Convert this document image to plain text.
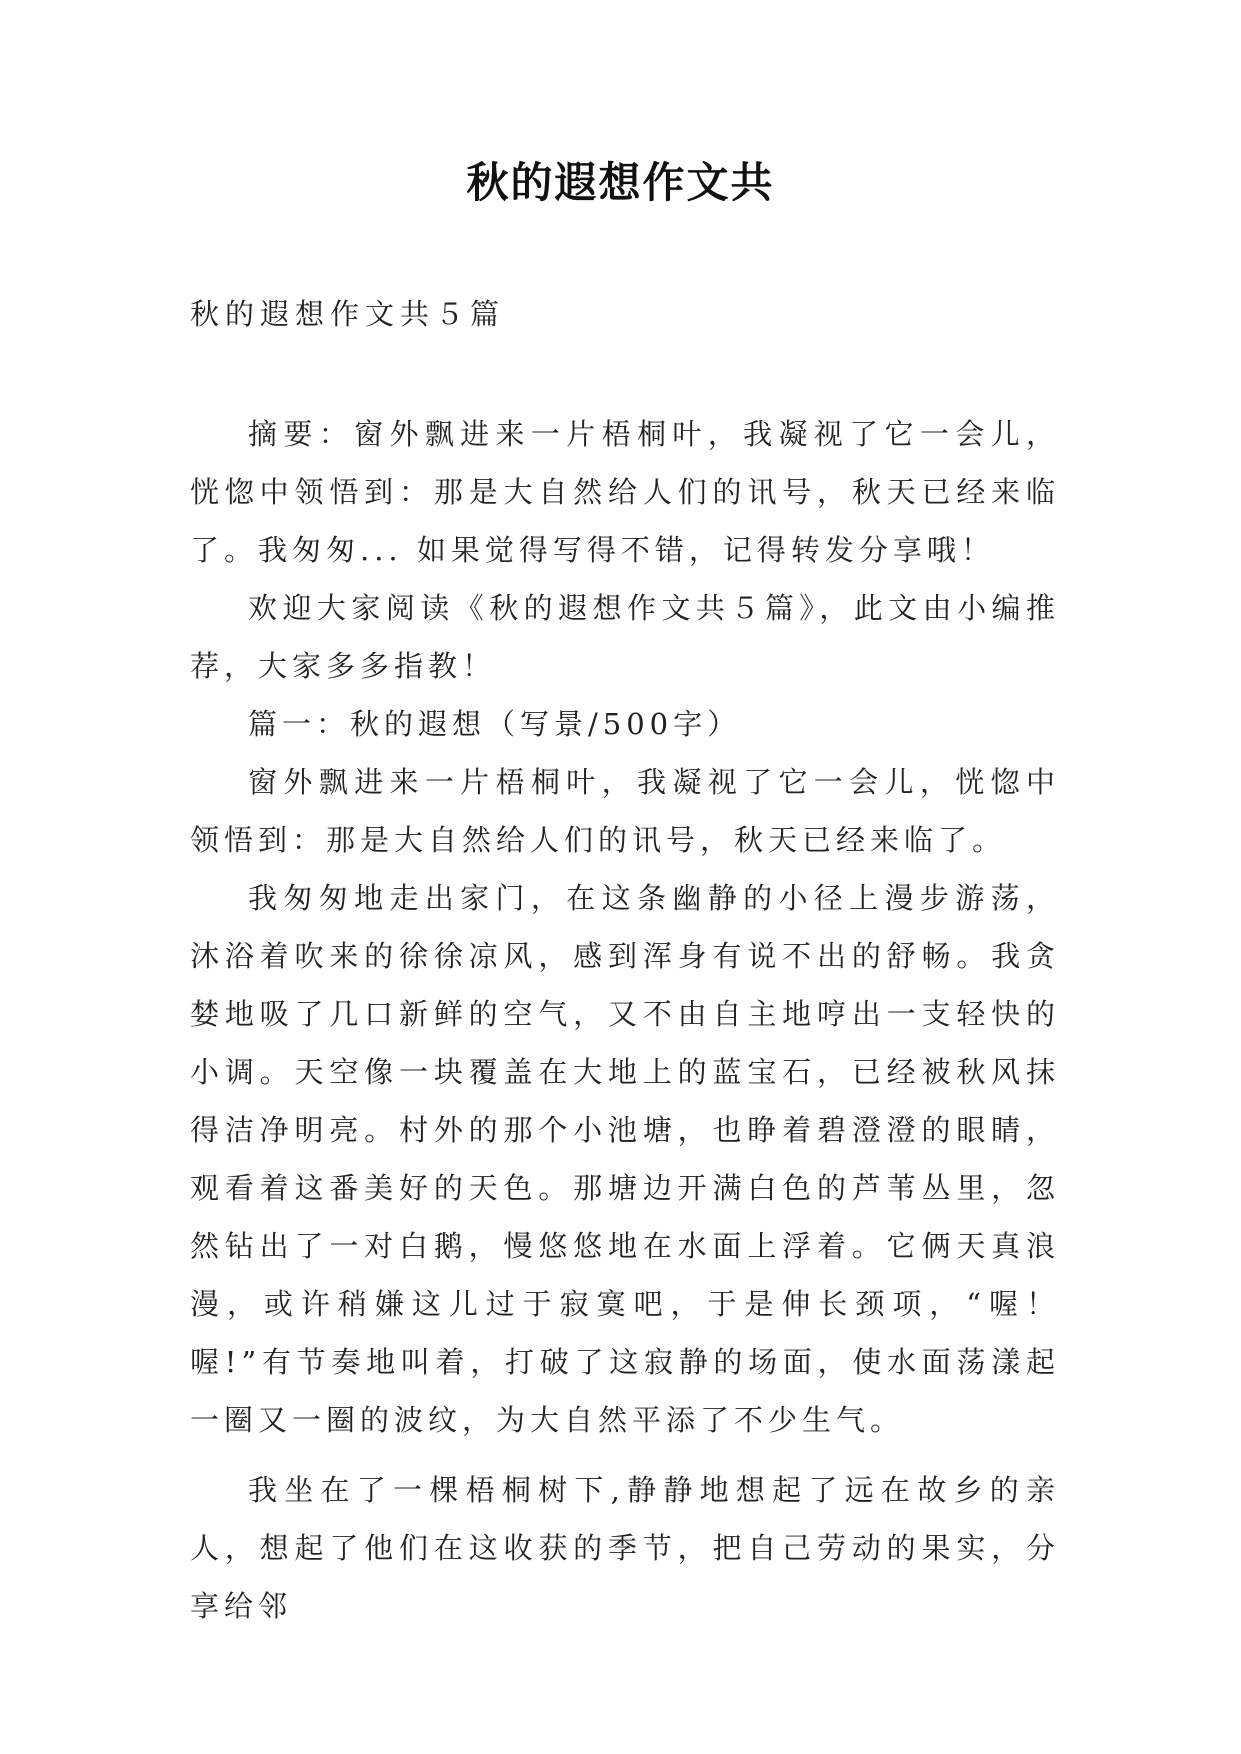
秋的遐想作文共
秋的遐想作文共５篇

摘要：窗外飘进来一片梧桐叶，我凝视了它一会儿，恍惚中领悟到：那是大自然给人们的讯号，秋天已经来临了。我匆匆... 如果觉得写得不错，记得转发分享哦！

欢迎大家阅读《秋的遐想作文共５篇》，此文由小编推荐，大家多多指教！

篇一：秋的遐想（写景/500字）

窗外飘进来一片梧桐叶，我凝视了它一会儿，恍惚中领悟到：那是大自然给人们的讯号，秋天已经来临了。

我匆匆地走出家门，在这条幽静的小径上漫步游荡，沐浴着吹来的徐徐凉风，感到浑身有说不出的舒畅。我贪婪地吸了几口新鲜的空气，又不由自主地哼出一支轻快的小调。天空像一块覆盖在大地上的蓝宝石，已经被秋风抹得洁净明亮。村外的那个小池塘，也睁着碧澄澄的眼睛，观看着这番美好的天色。那塘边开满白色的芦苇丛里，忽然钻出了一对白鹅，慢悠悠地在水面上浮着。它俩天真浪漫，或许稍嫌这儿过于寂寞吧，于是伸长颈项，“喔！喔!”有节奏地叫着，打破了这寂静的场面，使水面荡漾起一圈又一圈的波纹，为大自然平添了不少生气。

我坐在了一棵梧桐树下,静静地想起了远在故乡的亲人，想起了他们在这收获的季节，把自己劳动的果实，分享给邻
